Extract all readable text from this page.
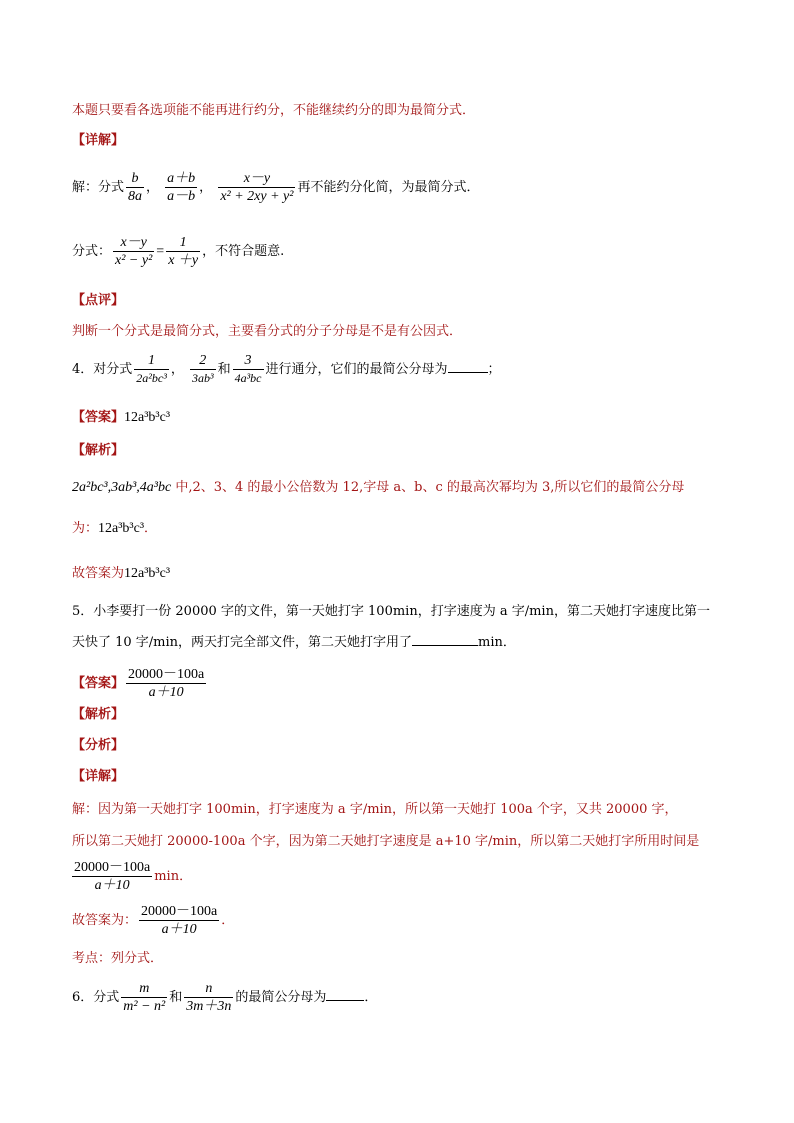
本题只要看各选项能不能再进行约分，不能继续约分的即为最简分式．
【详解】
解：分式 $\frac{b}{8a}$ ， $\frac{a+b}{a-b}$ ， $\frac{x-y}{\text{x² + 2xy + y²}}$ 再不能约分化简，为最简分式．
分式： $\frac{x-y}{\text{x² − y²}} = \frac{1}{x +y}$ ，不符合题意.
【点评】
判断一个分式是最简分式，主要看分式的分子分母是不是有公因式．
4．对分式 $\frac{1}{\text{2a²bc³}}$ ， $\frac{2}{\text{3ab³}}$ 和 $\frac{3}{\text{4a³bc}}$ 进行通分，它们的最简公分母为	；
【答案】12a³b³c³
【解析】
2a²bc³,3ab³,4a³bc 中,2、3、4 的最小公倍数为 12,字母 a、b、c 的最高次幂均为 3,所以它们的最简公分母
为：12a³b³c³．
故答案为12a³b³c³
5．小李要打一份 20000 字的文件，第一天她打字 100min，打字速度为 a 字/min，第二天她打字速度比第一
天快了 10 字/min，两天打完全部文件，第二天她打字用了	min．
【答案】 $\frac{20000-100a}{a+10}$
【解析】
【分析】
【详解】
解：因为第一天她打字 100min，打字速度为 a 字/min，所以第一天她打 100a 个字，又共 20000 字，
所以第二天她打 20000-100a 个字，因为第二天她打字速度是 a+10 字/min，所以第二天她打字所用时间是
$\frac{20000-100a}{a+10}$ min．
故答案为： $\frac{20000-100a}{a+10}$ ．
考点：列分式．
6．分式 $\frac{m}{\text{m² − n²}}$ 和 $\frac{n}{3m+3n}$ 的最简公分母为	．
